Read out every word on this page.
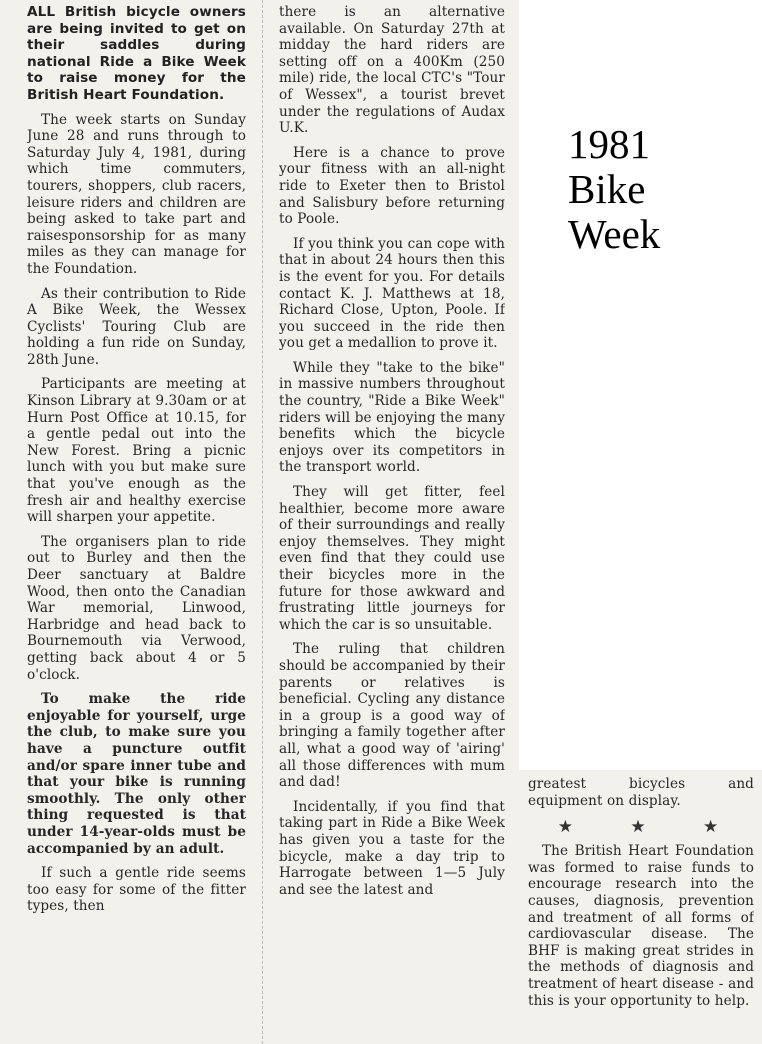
ALL British bicycle owners are being invited to get on their saddles during national Ride a Bike Week to raise money for the British Heart Foundation.

The week starts on Sunday June 28 and runs through to Saturday July 4, 1981, during which time commuters, tourers, shoppers, club racers, leisure riders and children are being asked to take part and raisesponsorship for as many miles as they can manage for the Foundation.

As their contribution to Ride A Bike Week, the Wessex Cyclists' Touring Club are holding a fun ride on Sunday, 28th June.

Participants are meeting at Kinson Library at 9.30am or at Hurn Post Office at 10.15, for a gentle pedal out into the New Forest. Bring a picnic lunch with you but make sure that you've enough as the fresh air and healthy exercise will sharpen your appetite.

The organisers plan to ride out to Burley and then the Deer sanctuary at Baldre Wood, then onto the Canadian War memorial, Linwood, Harbridge and head back to Bournemouth via Verwood, getting back about 4 or 5 o'clock.

To make the ride enjoyable for yourself, urge the club, to make sure you have a puncture outfit and/or spare inner tube and that your bike is running smoothly. The only other thing requested is that under 14-year-olds must be accompanied by an adult.

If such a gentle ride seems too easy for some of the fitter types, then

there is an alternative available. On Saturday 27th at midday the hard riders are setting off on a 400Km (250 mile) ride, the local CTC's "Tour of Wessex", a tourist brevet under the regulations of Audax U.K.

Here is a chance to prove your fitness with an all-night ride to Exeter then to Bristol and Salisbury before returning to Poole.

If you think you can cope with that in about 24 hours then this is the event for you. For details contact K. J. Matthews at 18, Richard Close, Upton, Poole. If you succeed in the ride then you get a medallion to prove it.

While they "take to the bike" in massive numbers throughout the country, "Ride a Bike Week" riders will be enjoying the many benefits which the bicycle enjoys over its competitors in the transport world.

They will get fitter, feel healthier, become more aware of their surroundings and really enjoy themselves. They might even find that they could use their bicycles more in the future for those awkward and frustrating little journeys for which the car is so unsuitable.

The ruling that children should be accompanied by their parents or relatives is beneficial. Cycling any distance in a group is a good way of bringing a family together after all, what a good way of 'airing' all those differences with mum and dad!

Incidentally, if you find that taking part in Ride a Bike Week has given you a taste for the bicycle, make a day trip to Harrogate between 1—5 July and see the latest and

greatest bicycles and equipment on display.

★ ★ ★

The British Heart Foundation was formed to raise funds to encourage research into the causes, diagnosis, prevention and treatment of all forms of cardiovascular disease. The BHF is making great strides in the methods of diagnosis and treatment of heart disease - and this is your opportunity to help.

1981
Bike
Week
